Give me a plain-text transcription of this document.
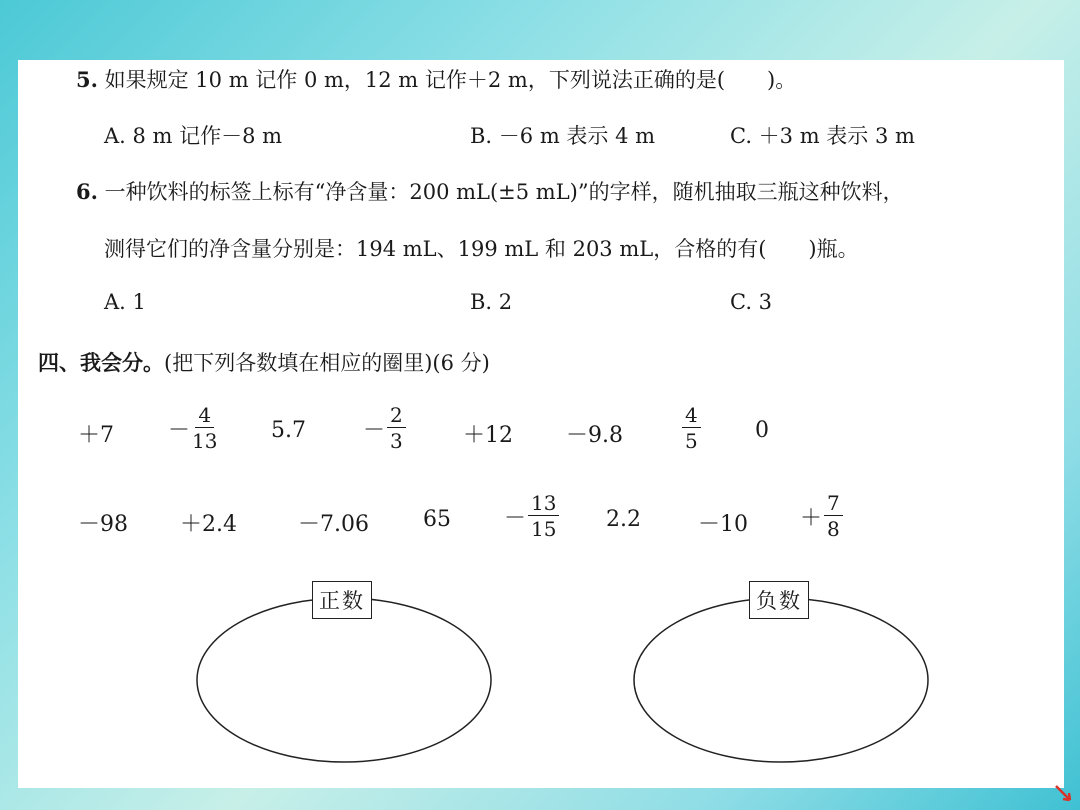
5. 如果规定 10 m 记作 0 m，12 m 记作＋2 m，下列说法正确的是(　　)。
A. 8 m 记作－8 m	B. －6 m 表示 4 m	C. ＋3 m 表示 3 m
6. 一种饮料的标签上标有“净含量：200 mL(±5 mL)”的字样，随机抽取三瓶这种饮料，
测得它们的净含量分别是：194 mL、199 mL 和 203 mL，合格的有(　　)瓶。
A. 1	B. 2	C. 3
四、我会分。(把下列各数填在相应的圈里)(6 分)
$+7 - \frac{4}{13} 5.7$	－ $\frac{2}{3}$	＋12 －9.8	$\frac{4}{5} 0$
－98 ＋2.4	－7.06 $65 - \frac{13}{15} 2.2$	$-10 + \frac{7}{8}$
正数	负数
